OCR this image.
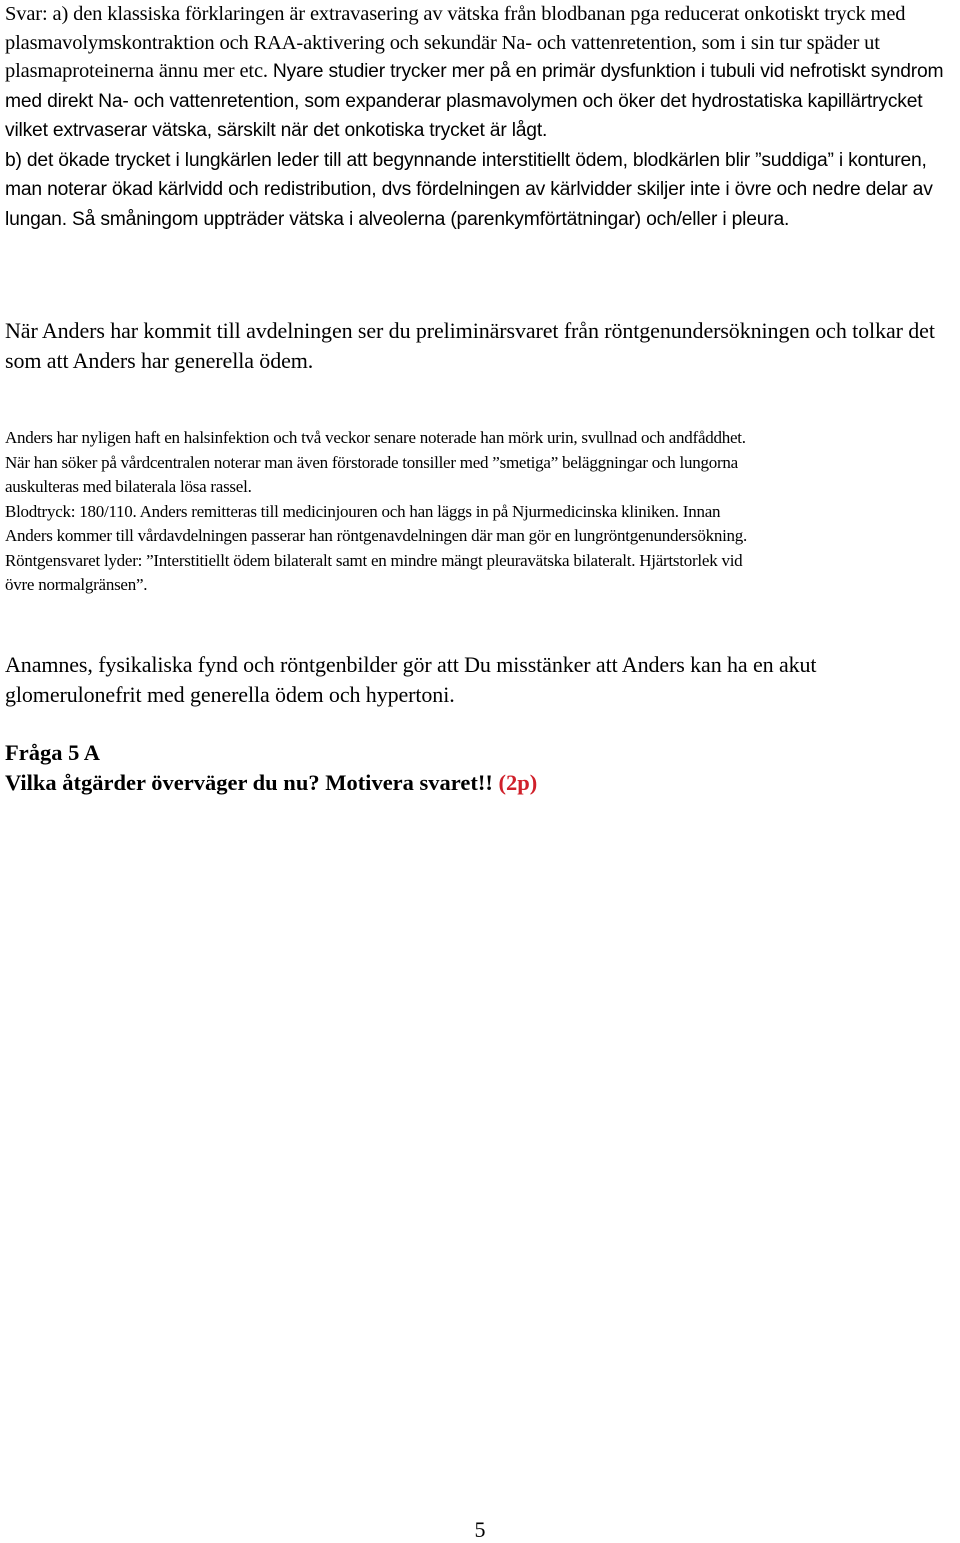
Svar: a) den klassiska förklaringen är extravasering av vätska från blodbanan pga reducerat onkotiskt tryck med plasmavolymskontraktion och RAA-aktivering och sekundär Na- och vattenretention, som i sin tur späder ut plasmaproteinerna ännu mer etc. Nyare studier trycker mer på en primär dysfunktion i tubuli vid nefrotiskt syndrom med direkt Na- och vattenretention, som expanderar plasmavolymen och öker det hydrostatiska kapillärtrycket vilket extrvaserar vätska, särskilt när det onkotiska trycket är lågt.
b) det ökade trycket i lungkärlen leder till att begynnande interstitiellt ödem, blodkärlen blir ”suddiga” i konturen, man noterar ökad kärlvidd och redistribution, dvs fördelningen av kärlvidder skiljer inte i övre och nedre delar av lungan. Så småningom uppträder vätska i alveolerna (parenkymförtätningar) och/eller i pleura.

När Anders har kommit till avdelningen ser du preliminärsvaret från röntgenundersökningen och tolkar det som att Anders har generella ödem.

Anders har nyligen haft en halsinfektion och två veckor senare noterade han mörk urin, svullnad och andfåddhet.
När han söker på vårdcentralen noterar man även förstorade tonsiller med ”smetiga” beläggningar och lungorna
auskulteras med bilaterala lösa rassel.
Blodtryck: 180/110. Anders remitteras till medicinjouren och han läggs in på Njurmedicinska kliniken. Innan
Anders kommer till vårdavdelningen passerar han röntgenavdelningen där man gör en lungröntgenundersökning.
Röntgensvaret lyder: ”Interstitiellt ödem bilateralt samt en mindre mängt pleuravätska bilateralt. Hjärtstorlek vid
övre normalgränsen”.

Anamnes, fysikaliska fynd och röntgenbilder gör att Du misstänker att Anders kan ha en akut glomerulonefrit med generella ödem och hypertoni.

Fråga 5 A
Vilka åtgärder överväger du nu? Motivera svaret!! (2p)
5
